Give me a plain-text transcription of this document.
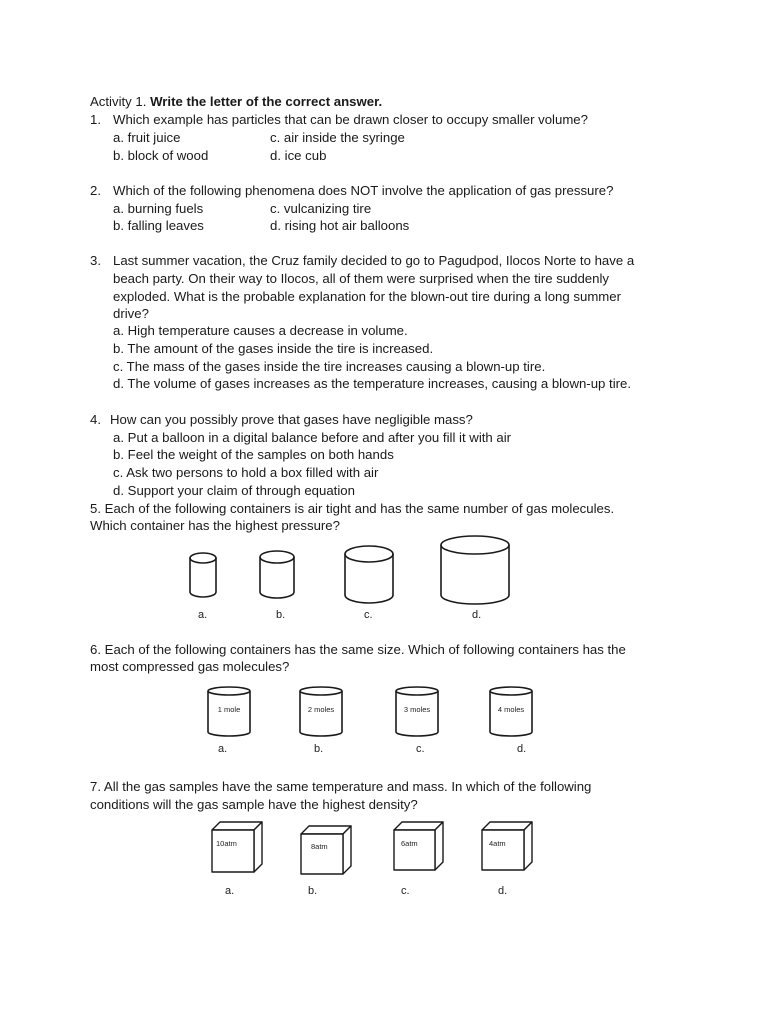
Activity 1. Write the letter of the correct answer.
1. Which example has particles that can be drawn closer to occupy smaller volume?
a. fruit juice	c. air inside the syringe
b. block of wood	d. ice cub
2. Which of the following phenomena does NOT involve the application of gas pressure?
a. burning fuels	c. vulcanizing tire
b. falling leaves	d. rising hot air balloons
3. Last summer vacation, the Cruz family decided to go to Pagudpod, Ilocos Norte to have a
beach party. On their way to Ilocos, all of them were surprised when the tire suddenly
exploded. What is the probable explanation for the blown-out tire during a long summer
drive?
a. High temperature causes a decrease in volume.
b. The amount of the gases inside the tire is increased.
c. The mass of the gases inside the tire increases causing a blown-up tire.
d. The volume of gases increases as the temperature increases, causing a blown-up tire.
4. How can you possibly prove that gases have negligible mass?
a. Put a balloon in a digital balance before and after you fill it with air
b. Feel the weight of the samples on both hands
c. Ask two persons to hold a box filled with air
d. Support your claim of through equation
5. Each of the following containers is air tight and has the same number of gas molecules.
Which container has the highest pressure?
a.	b.	c.	d.
6. Each of the following containers has the same size. Which of following containers has the
most compressed gas molecules?
1 mole	2 moles	3 moles	4 moles
a.	b.	c.	d.
7. All the gas samples have the same temperature and mass. In which of the following
conditions will the gas sample have the highest density?
10atm	8atm	6atm	4atm
a.	b.	c.	d.
